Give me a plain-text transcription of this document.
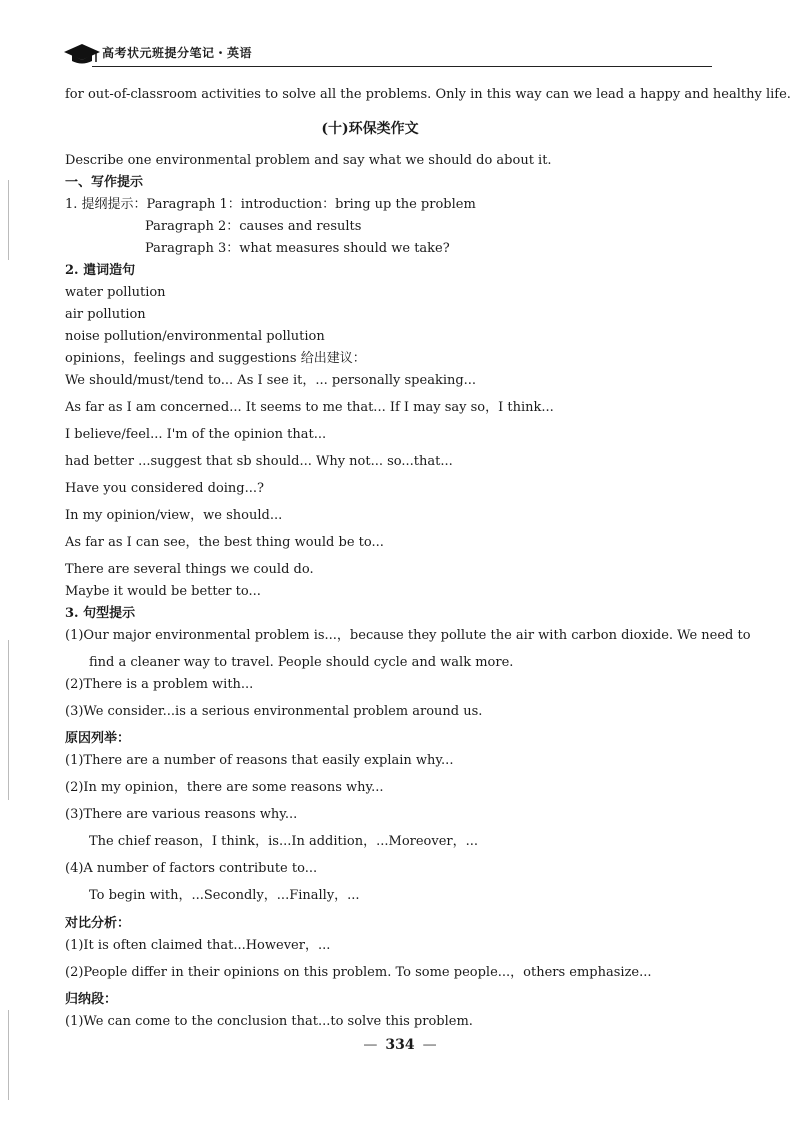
高考状元班提分笔记・英语
for out-of-classroom activities to solve all the problems. Only in this way can we lead a happy and healthy life.
(十)环保类作文
Describe one environmental problem and say what we should do about it.
一、写作提示
1. 提纲提示：Paragraph 1：introduction：bring up the problem
Paragraph 2：causes and results
Paragraph 3：what measures should we take?
2. 遣词造句
water pollution
air pollution
noise pollution/environmental pollution
opinions，feelings and suggestions 给出建议：
We should/must/tend to... As I see it，... personally speaking...
As far as I am concerned... It seems to me that... If I may say so，I think...
I believe/feel... I'm of the opinion that...
had better ...suggest that sb should... Why not... so...that...
Have you considered doing...?
In my opinion/view，we should...
As far as I can see，the best thing would be to...
There are several things we could do.
Maybe it would be better to...
3. 句型提示
(1)Our major environmental problem is...，because they pollute the air with carbon dioxide. We need to
find a cleaner way to travel. People should cycle and walk more.
(2)There is a problem with...
(3)We consider...is a serious environmental problem around us.
原因列举：
(1)There are a number of reasons that easily explain why...
(2)In my opinion，there are some reasons why...
(3)There are various reasons why...
The chief reason，I think，is...In addition，...Moreover，...
(4)A number of factors contribute to...
To begin with，...Secondly，...Finally，...
对比分析：
(1)It is often claimed that...However，...
(2)People differ in their opinions on this problem. To some people...，others emphasize...
归纳段：
(1)We can come to the conclusion that...to solve this problem.
— 334 —
